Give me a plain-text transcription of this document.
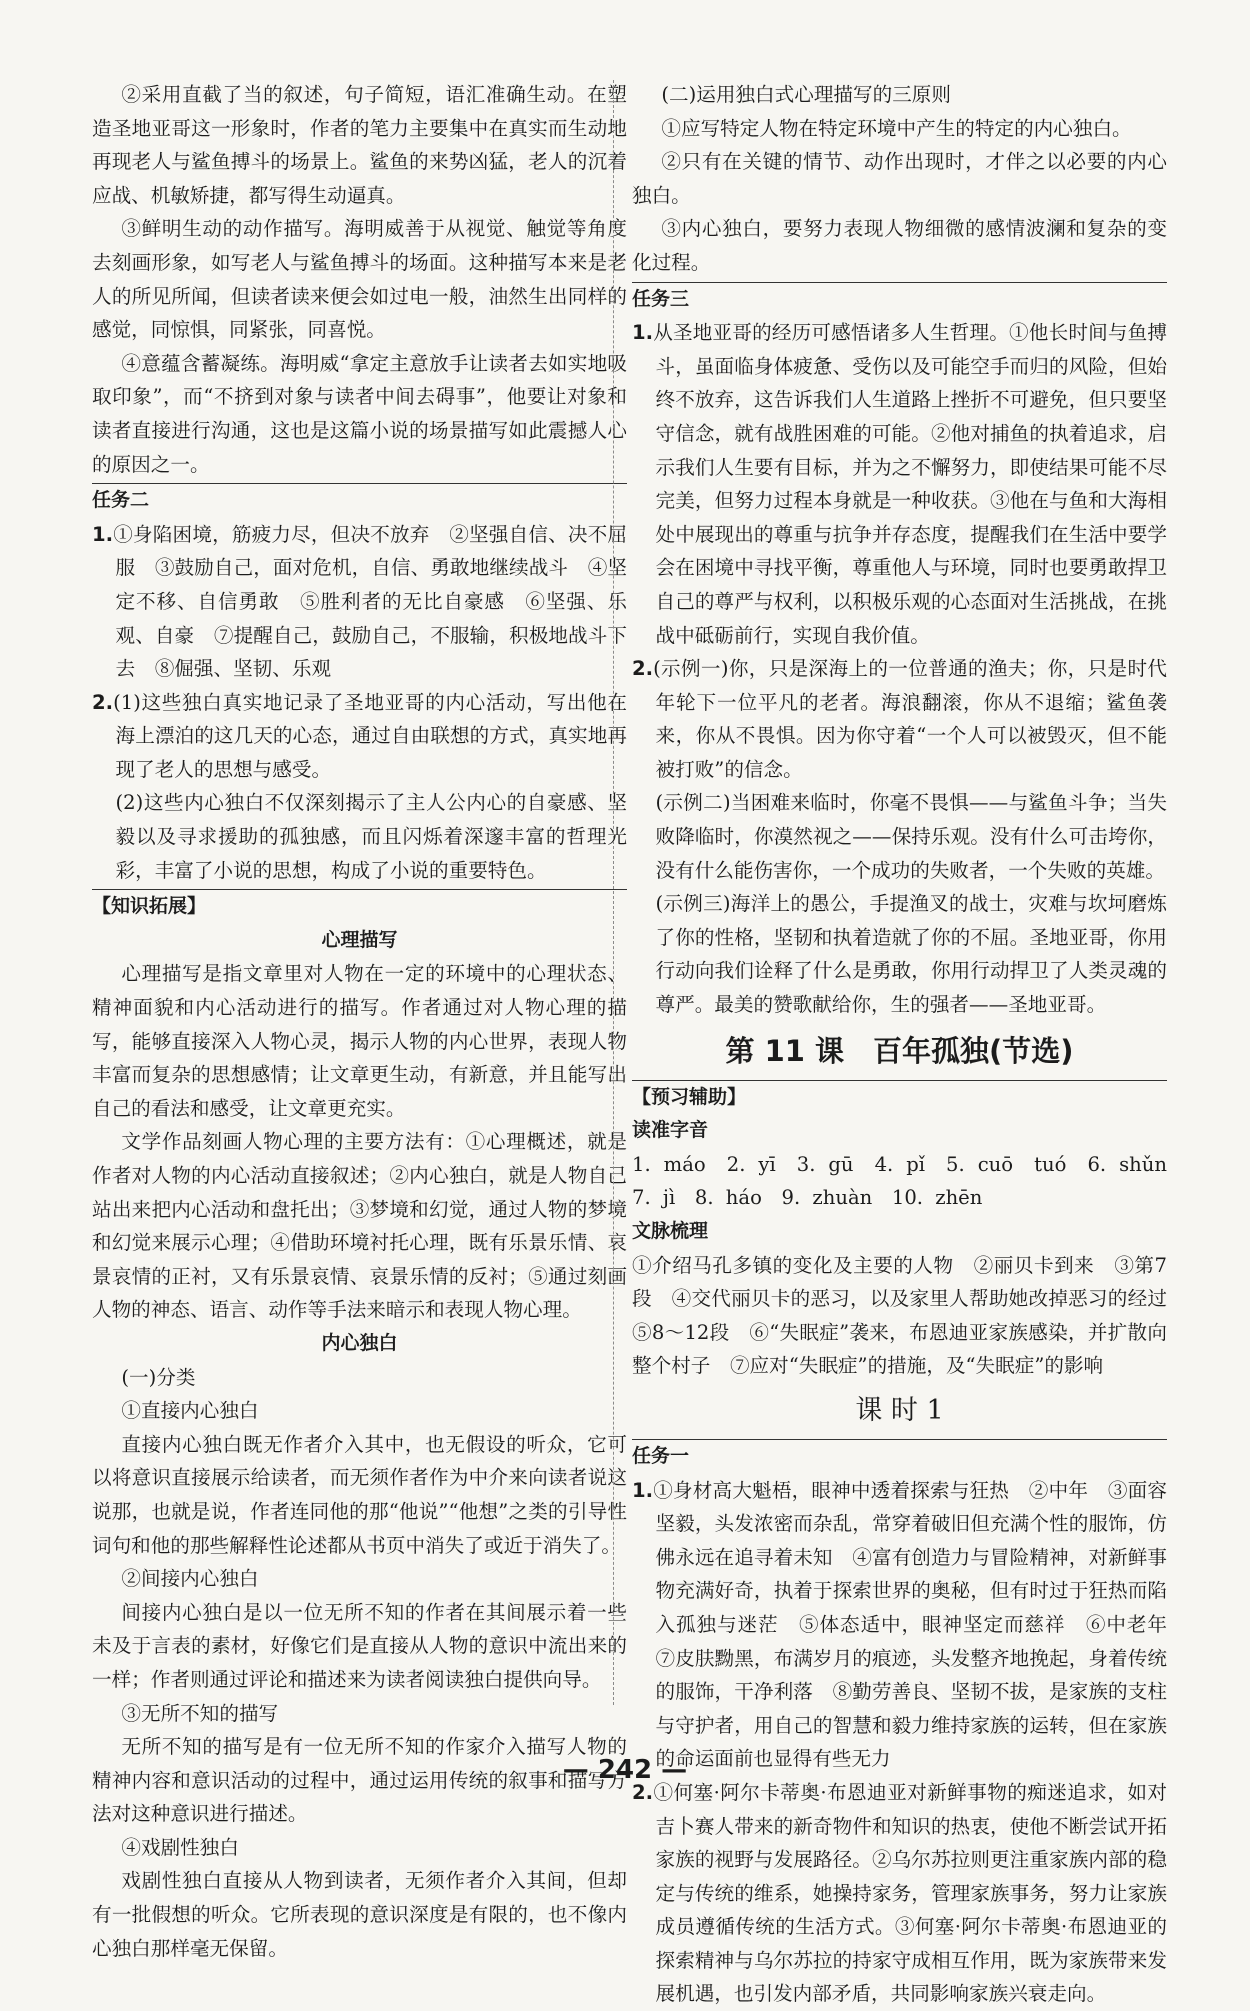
②采用直截了当的叙述，句子简短，语汇准确生动。在塑造圣地亚哥这一形象时，作者的笔力主要集中在真实而生动地再现老人与鲨鱼搏斗的场景上。鲨鱼的来势凶猛，老人的沉着应战、机敏矫捷，都写得生动逼真。

③鲜明生动的动作描写。海明威善于从视觉、触觉等角度去刻画形象，如写老人与鲨鱼搏斗的场面。这种描写本来是老人的所见所闻，但读者读来便会如过电一般，油然生出同样的感觉，同惊惧，同紧张，同喜悦。

④意蕴含蓄凝练。海明威“拿定主意放手让读者去如实地吸取印象”，而“不挤到对象与读者中间去碍事”，他要让对象和读者直接进行沟通，这也是这篇小说的场景描写如此震撼人心的原因之一。

任务二

1.①身陷困境，筋疲力尽，但决不放弃　②坚强自信、决不屈服　③鼓励自己，面对危机，自信、勇敢地继续战斗　④坚定不移、自信勇敢　⑤胜利者的无比自豪感　⑥坚强、乐观、自豪　⑦提醒自己，鼓励自己，不服输，积极地战斗下去　⑧倔强、坚韧、乐观

2.(1)这些独白真实地记录了圣地亚哥的内心活动，写出他在海上漂泊的这几天的心态，通过自由联想的方式，真实地再现了老人的思想与感受。

(2)这些内心独白不仅深刻揭示了主人公内心的自豪感、坚毅以及寻求援助的孤独感，而且闪烁着深邃丰富的哲理光彩，丰富了小说的思想，构成了小说的重要特色。

【知识拓展】

心理描写

心理描写是指文章里对人物在一定的环境中的心理状态、精神面貌和内心活动进行的描写。作者通过对人物心理的描写，能够直接深入人物心灵，揭示人物的内心世界，表现人物丰富而复杂的思想感情；让文章更生动，有新意，并且能写出自己的看法和感受，让文章更充实。

文学作品刻画人物心理的主要方法有：①心理概述，就是作者对人物的内心活动直接叙述；②内心独白，就是人物自己站出来把内心活动和盘托出；③梦境和幻觉，通过人物的梦境和幻觉来展示心理；④借助环境衬托心理，既有乐景乐情、哀景哀情的正衬，又有乐景哀情、哀景乐情的反衬；⑤通过刻画人物的神态、语言、动作等手法来暗示和表现人物心理。

内心独白

(一)分类

①直接内心独白

直接内心独白既无作者介入其中，也无假设的听众，它可以将意识直接展示给读者，而无须作者作为中介来向读者说这说那，也就是说，作者连同他的那“他说”“他想”之类的引导性词句和他的那些解释性论述都从书页中消失了或近于消失了。

②间接内心独白

间接内心独白是以一位无所不知的作者在其间展示着一些未及于言表的素材，好像它们是直接从人物的意识中流出来的一样；作者则通过评论和描述来为读者阅读独白提供向导。

③无所不知的描写

无所不知的描写是有一位无所不知的作家介入描写人物的精神内容和意识活动的过程中，通过运用传统的叙事和描写方法对这种意识进行描述。

④戏剧性独白

戏剧性独白直接从人物到读者，无须作者介入其间，但却有一批假想的听众。它所表现的意识深度是有限的，也不像内心独白那样毫无保留。

(二)运用独白式心理描写的三原则

①应写特定人物在特定环境中产生的特定的内心独白。

②只有在关键的情节、动作出现时，才伴之以必要的内心独白。

③内心独白，要努力表现人物细微的感情波澜和复杂的变化过程。

任务三

1.从圣地亚哥的经历可感悟诸多人生哲理。①他长时间与鱼搏斗，虽面临身体疲惫、受伤以及可能空手而归的风险，但始终不放弃，这告诉我们人生道路上挫折不可避免，但只要坚守信念，就有战胜困难的可能。②他对捕鱼的执着追求，启示我们人生要有目标，并为之不懈努力，即使结果可能不尽完美，但努力过程本身就是一种收获。③他在与鱼和大海相处中展现出的尊重与抗争并存态度，提醒我们在生活中要学会在困境中寻找平衡，尊重他人与环境，同时也要勇敢捍卫自己的尊严与权利，以积极乐观的心态面对生活挑战，在挑战中砥砺前行，实现自我价值。

2.(示例一)你，只是深海上的一位普通的渔夫；你，只是时代年轮下一位平凡的老者。海浪翻滚，你从不退缩；鲨鱼袭来，你从不畏惧。因为你守着“一个人可以被毁灭，但不能被打败”的信念。

(示例二)当困难来临时，你毫不畏惧——与鲨鱼斗争；当失败降临时，你漠然视之——保持乐观。没有什么可击垮你，没有什么能伤害你，一个成功的失败者，一个失败的英雄。

(示例三)海洋上的愚公，手提渔叉的战士，灾难与坎坷磨炼了你的性格，坚韧和执着造就了你的不屈。圣地亚哥，你用行动向我们诠释了什么是勇敢，你用行动捍卫了人类灵魂的尊严。最美的赞歌献给你，生的强者——圣地亚哥。

第 11 课　百年孤独(节选)

【预习辅助】

读准字音

1. máo　2. yī　3. gū　4. pǐ　5. cuō　tuó　6. shǔn　7. jì　8. háo　9. zhuàn　10. zhēn

文脉梳理

①介绍马孔多镇的变化及主要的人物　②丽贝卡到来　③第7段　④交代丽贝卡的恶习，以及家里人帮助她改掉恶习的经过　⑤8～12段　⑥“失眠症”袭来，布恩迪亚家族感染，并扩散向整个村子　⑦应对“失眠症”的措施，及“失眠症”的影响

课 时 1

任务一

1.①身材高大魁梧，眼神中透着探索与狂热　②中年　③面容坚毅，头发浓密而杂乱，常穿着破旧但充满个性的服饰，仿佛永远在追寻着未知　④富有创造力与冒险精神，对新鲜事物充满好奇，执着于探索世界的奥秘，但有时过于狂热而陷入孤独与迷茫　⑤体态适中，眼神坚定而慈祥　⑥中老年　⑦皮肤黝黑，布满岁月的痕迹，头发整齐地挽起，身着传统的服饰，干净利落　⑧勤劳善良、坚韧不拔，是家族的支柱与守护者，用自己的智慧和毅力维持家族的运转，但在家族的命运面前也显得有些无力

2.①何塞·阿尔卡蒂奥·布恩迪亚对新鲜事物的痴迷追求，如对吉卜赛人带来的新奇物件和知识的热衷，使他不断尝试开拓家族的视野与发展路径。②乌尔苏拉则更注重家族内部的稳定与传统的维系，她操持家务，管理家族事务，努力让家族成员遵循传统的生活方式。③何塞·阿尔卡蒂奥·布恩迪亚的探索精神与乌尔苏拉的持家守成相互作用，既为家族带来发展机遇，也引发内部矛盾，共同影响家族兴衰走向。

— 242 —
